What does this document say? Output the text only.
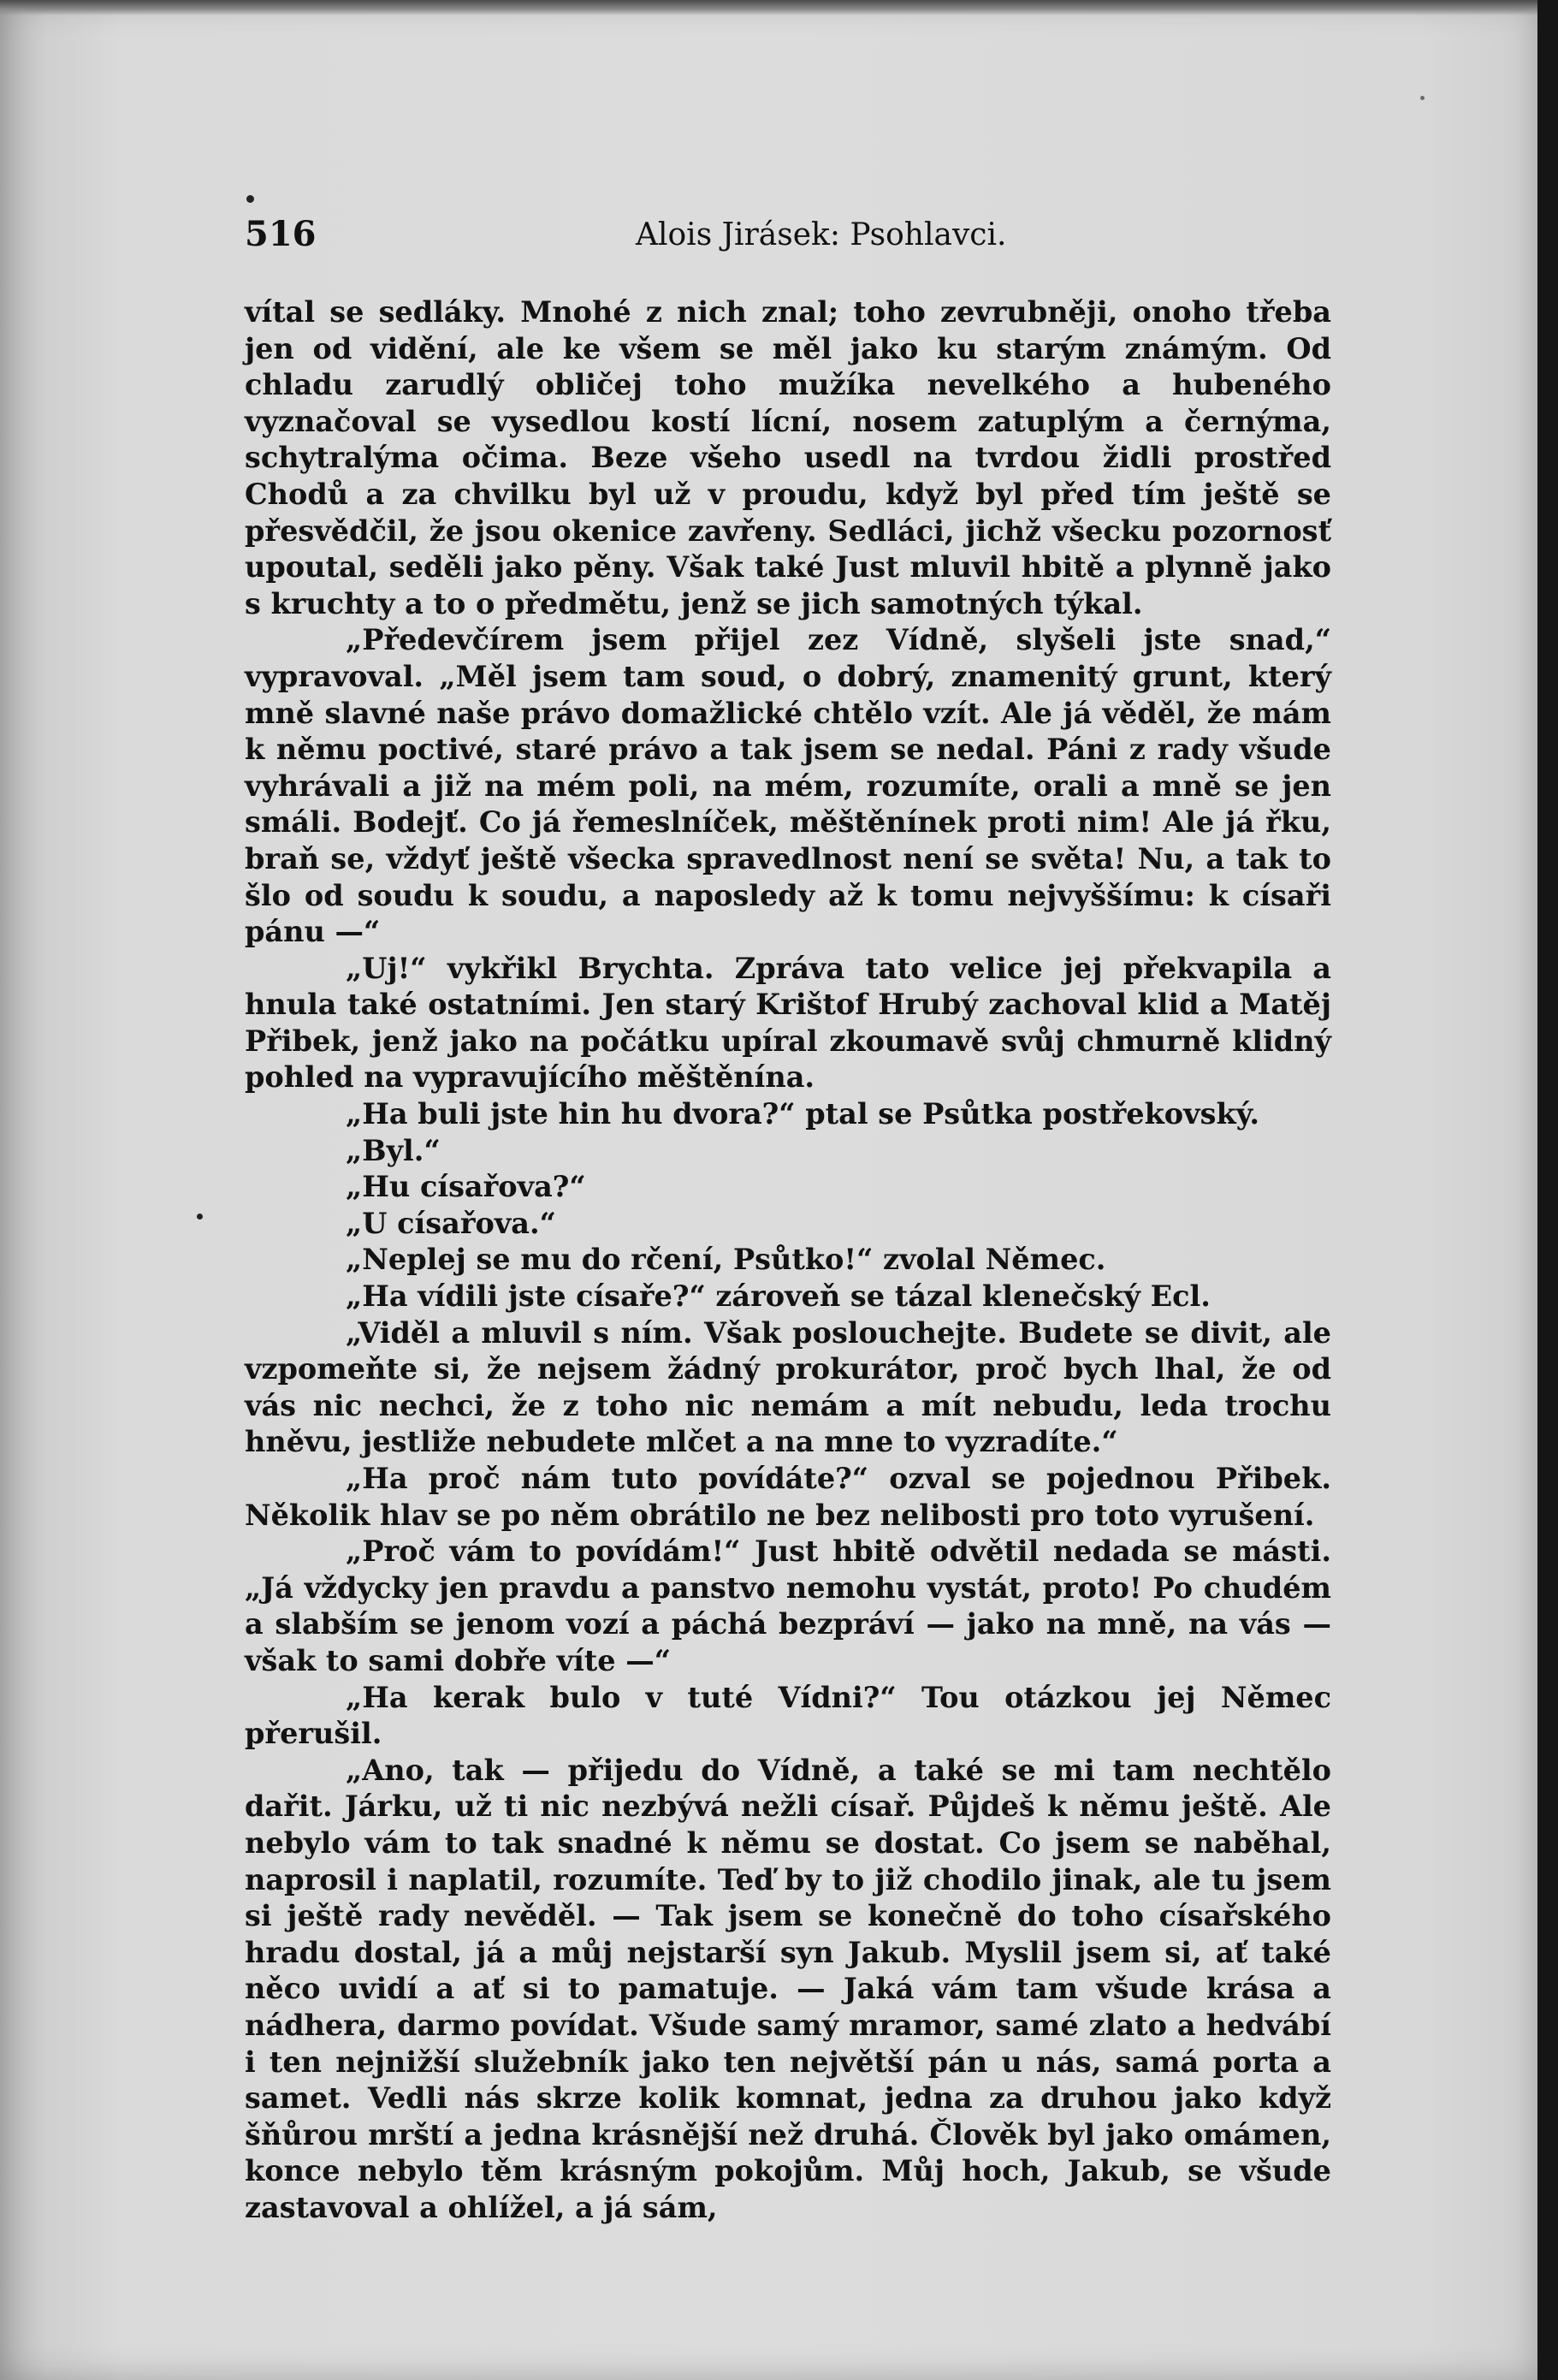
516	Alois Jirásek: Psohlavci.

vítal se sedláky. Mnohé z nich znal; toho zevrubněji, onoho třeba jen od vidění, ale ke všem se měl jako ku starým známým. Od chladu zarudlý obličej toho mužíka nevelkého a hubeného vyznačoval se vysedlou kostí lícní, nosem zatuplým a černýma, schytralýma očima. Beze všeho usedl na tvrdou židli prostřed Chodů a za chvilku byl už v proudu, když byl před tím ještě se přesvědčil, že jsou okenice zavřeny. Sedláci, jichž všecku pozornosť upoutal, seděli jako pěny. Však také Just mluvil hbitě a plynně jako s kruchty a to o předmětu, jenž se jich samotných týkal.

„Předevčírem jsem přijel zez Vídně, slyšeli jste snad,“ vypravoval. „Měl jsem tam soud, o dobrý, znamenitý grunt, který mně slavné naše právo domažlické chtělo vzít. Ale já věděl, že mám k němu poctivé, staré právo a tak jsem se nedal. Páni z rady všude vyhrávali a již na mém poli, na mém, rozumíte, orali a mně se jen smáli. Bodejť. Co já řemeslníček, měštěnínek proti nim! Ale já řku, braň se, vždyť ještě všecka spravedlnost není se světa! Nu, a tak to šlo od soudu k soudu, a naposledy až k tomu nejvyššímu: k císaři pánu —“

„Uj!“ vykřikl Brychta. Zpráva tato velice jej překvapila a hnula také ostatními. Jen starý Krištof Hrubý zachoval klid a Matěj Přibek, jenž jako na počátku upíral zkoumavě svůj chmurně klidný pohled na vypravujícího měštěnína.

„Ha buli jste hin hu dvora?“ ptal se Psůtka postřekovský.

„Byl.“

„Hu císařova?“

„U císařova.“

„Neplej se mu do rčení, Psůtko!“ zvolal Němec.

„Ha vídili jste císaře?“ zároveň se tázal klenečský Ecl.

„Viděl a mluvil s ním. Však poslouchejte. Budete se divit, ale vzpomeňte si, že nejsem žádný prokurátor, proč bych lhal, že od vás nic nechci, že z toho nic nemám a mít nebudu, leda trochu hněvu, jestliže nebudete mlčet a na mne to vyzradíte.“

„Ha proč nám tuto povídáte?“ ozval se pojednou Přibek. Několik hlav se po něm obrátilo ne bez nelibosti pro toto vyrušení.

„Proč vám to povídám!“ Just hbitě odvětil nedada se másti. „Já vždycky jen pravdu a panstvo nemohu vystát, proto! Po chudém a slabším se jenom vozí a páchá bezpráví — jako na mně, na vás — však to sami dobře víte —“

„Ha kerak bulo v tuté Vídni?“ Tou otázkou jej Němec přerušil.

„Ano, tak — přijedu do Vídně, a také se mi tam nechtělo dařit. Járku, už ti nic nezbývá nežli císař. Půjdeš k němu ještě. Ale nebylo vám to tak snadné k němu se dostat. Co jsem se naběhal, naprosil i naplatil, rozumíte. Teď by to již chodilo jinak, ale tu jsem si ještě rady nevěděl. — Tak jsem se konečně do toho císařského hradu dostal, já a můj nejstarší syn Jakub. Myslil jsem si, ať také něco uvidí a ať si to pamatuje. — Jaká vám tam všude krása a nádhera, darmo povídat. Všude samý mramor, samé zlato a hedvábí i ten nejnižší služebník jako ten největší pán u nás, samá porta a samet. Vedli nás skrze kolik komnat, jedna za druhou jako když šňůrou mrští a jedna krásnější než druhá. Člověk byl jako omámen, konce nebylo těm krásným pokojům. Můj hoch, Jakub, se všude zastavoval a ohlížel, a já sám,
